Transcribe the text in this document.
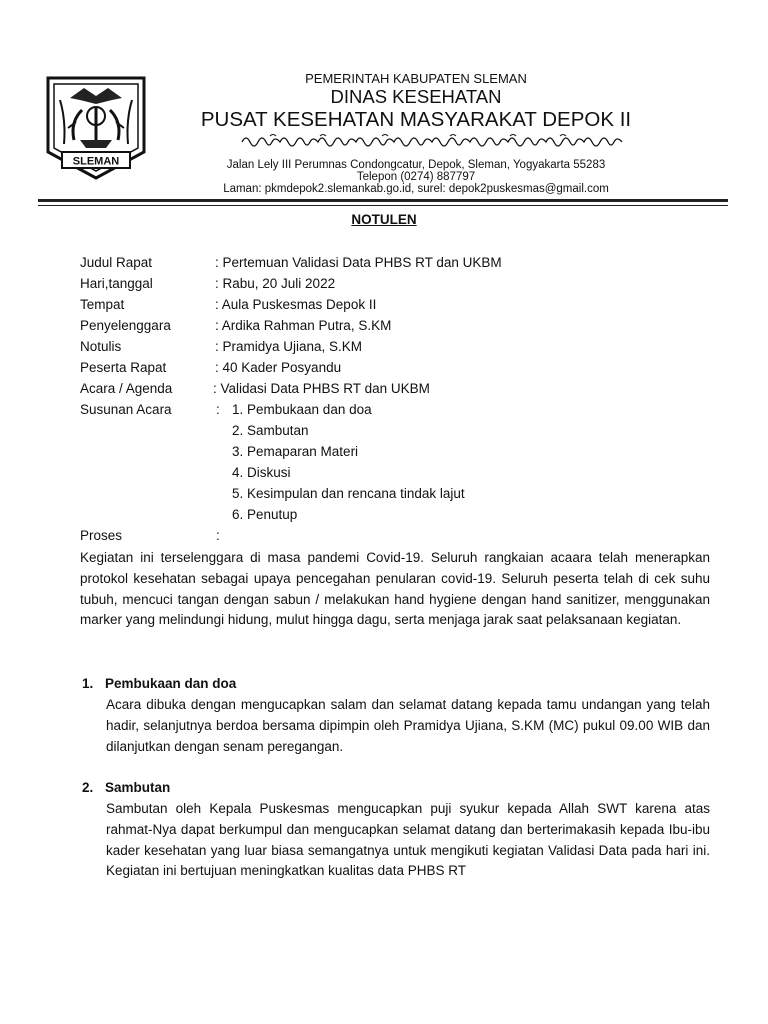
SLEMAN
PEMERINTAH KABUPATEN SLEMAN
DINAS KESEHATAN
PUSAT KESEHATAN MASYARAKAT DEPOK II
Jalan Lely III Perumnas Condongcatur, Depok, Sleman, Yogyakarta 55283
Telepon (0274) 887797
Laman: pkmdepok2.slemankab.go.id, surel: depok2puskesmas@gmail.com
NOTULEN
Judul Rapat	: Pertemuan Validasi Data PHBS RT dan UKBM
Hari,tanggal	: Rabu, 20 Juli 2022
Tempat	: Aula Puskesmas Depok II
Penyelenggara	: Ardika Rahman Putra, S.KM
Notulis	: Pramidya Ujiana, S.KM
Peserta Rapat	: 40 Kader Posyandu
Acara / Agenda	: Validasi Data PHBS RT dan UKBM
Susunan Acara	: 1. Pembukaan dan doa
2. Sambutan
3. Pemaparan Materi
4. Diskusi
5. Kesimpulan dan rencana tindak lajut
6. Penutup
Proses	:

Kegiatan ini terselenggara di masa pandemi Covid-19. Seluruh rangkaian acaara telah menerapkan protokol kesehatan sebagai upaya pencegahan penularan covid-19. Seluruh peserta telah di cek suhu tubuh, mencuci tangan dengan sabun / melakukan hand hygiene dengan hand sanitizer, menggunakan marker yang melindungi hidung, mulut hingga dagu, serta menjaga jarak saat pelaksanaan kegiatan.

1. Pembukaan dan doa

Acara dibuka dengan mengucapkan salam dan selamat datang kepada tamu undangan yang telah hadir, selanjutnya berdoa bersama dipimpin oleh Pramidya Ujiana, S.KM (MC) pukul 09.00 WIB dan dilanjutkan dengan senam peregangan.

2. Sambutan

Sambutan oleh Kepala Puskesmas mengucapkan puji syukur kepada Allah SWT karena atas rahmat-Nya dapat berkumpul dan mengucapkan selamat datang dan berterimakasih kepada Ibu-ibu kader kesehatan yang luar biasa semangatnya untuk mengikuti kegiatan Validasi Data pada hari ini. Kegiatan ini bertujuan meningkatkan kualitas data PHBS RT
